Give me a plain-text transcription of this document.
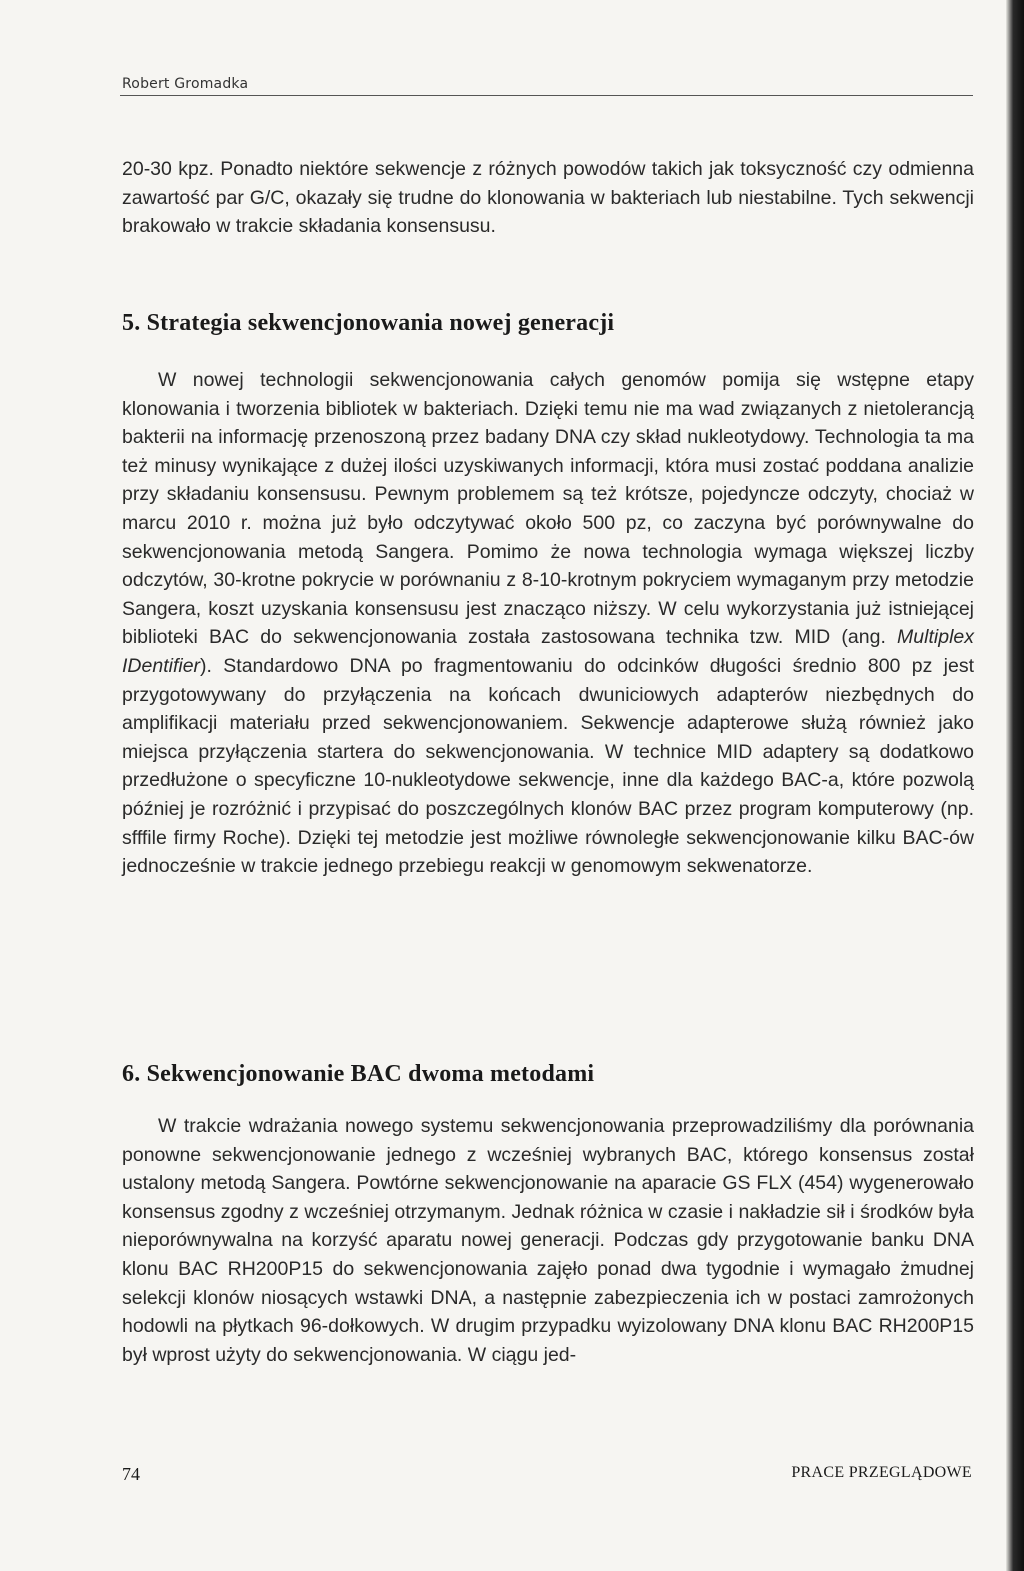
Robert Gromadka

20-30 kpz. Ponadto niektóre sekwencje z różnych powodów takich jak toksyczność czy odmienna zawartość par G/C, okazały się trudne do klonowania w bakteriach lub niestabilne. Tych sekwencji brakowało w trakcie składania konsensusu.

5. Strategia sekwencjonowania nowej generacji

W nowej technologii sekwencjonowania całych genomów pomija się wstępne etapy klonowania i tworzenia bibliotek w bakteriach. Dzięki temu nie ma wad związanych z nietolerancją bakterii na informację przenoszoną przez badany DNA czy skład nukleotydowy. Technologia ta ma też minusy wynikające z dużej ilości uzyskiwanych informacji, która musi zostać poddana analizie przy składaniu konsensusu. Pewnym problemem są też krótsze, pojedyncze odczyty, chociaż w marcu 2010 r. można już było odczytywać około 500 pz, co zaczyna być porównywalne do sekwencjonowania metodą Sangera. Pomimo że nowa technologia wymaga większej liczby odczytów, 30-krotne pokrycie w porównaniu z 8-10-krotnym pokryciem wymaganym przy metodzie Sangera, koszt uzyskania konsensusu jest znacząco niższy. W celu wykorzystania już istniejącej biblioteki BAC do sekwencjonowania została zastosowana technika tzw. MID (ang. Multiplex IDentifier). Standardowo DNA po fragmentowaniu do odcinków długości średnio 800 pz jest przygotowywany do przyłączenia na końcach dwuniciowych adapterów niezbędnych do amplifikacji materiału przed sekwencjonowaniem. Sekwencje adapterowe służą również jako miejsca przyłączenia startera do sekwencjonowania. W technice MID adaptery są dodatkowo przedłużone o specyficzne 10-nukleotydowe sekwencje, inne dla każdego BAC-a, które pozwolą później je rozróżnić i przypisać do poszczególnych klonów BAC przez program komputerowy (np. sfffile firmy Roche). Dzięki tej metodzie jest możliwe równoległe sekwencjonowanie kilku BAC-ów jednocześnie w trakcie jednego przebiegu reakcji w genomowym sekwenatorze.

6. Sekwencjonowanie BAC dwoma metodami

W trakcie wdrażania nowego systemu sekwencjonowania przeprowadziliśmy dla porównania ponowne sekwencjonowanie jednego z wcześniej wybranych BAC, którego konsensus został ustalony metodą Sangera. Powtórne sekwencjonowanie na aparacie GS FLX (454) wygenerowało konsensus zgodny z wcześniej otrzymanym. Jednak różnica w czasie i nakładzie sił i środków była nieporównywalna na korzyść aparatu nowej generacji. Podczas gdy przygotowanie banku DNA klonu BAC RH200P15 do sekwencjonowania zajęło ponad dwa tygodnie i wymagało żmudnej selekcji klonów niosących wstawki DNA, a następnie zabezpieczenia ich w postaci zamrożonych hodowli na płytkach 96-dołkowych. W drugim przypadku wyizolowany DNA klonu BAC RH200P15 był wprost użyty do sekwencjonowania. W ciągu jed-

74	PRACE PRZEGLĄDOWE
